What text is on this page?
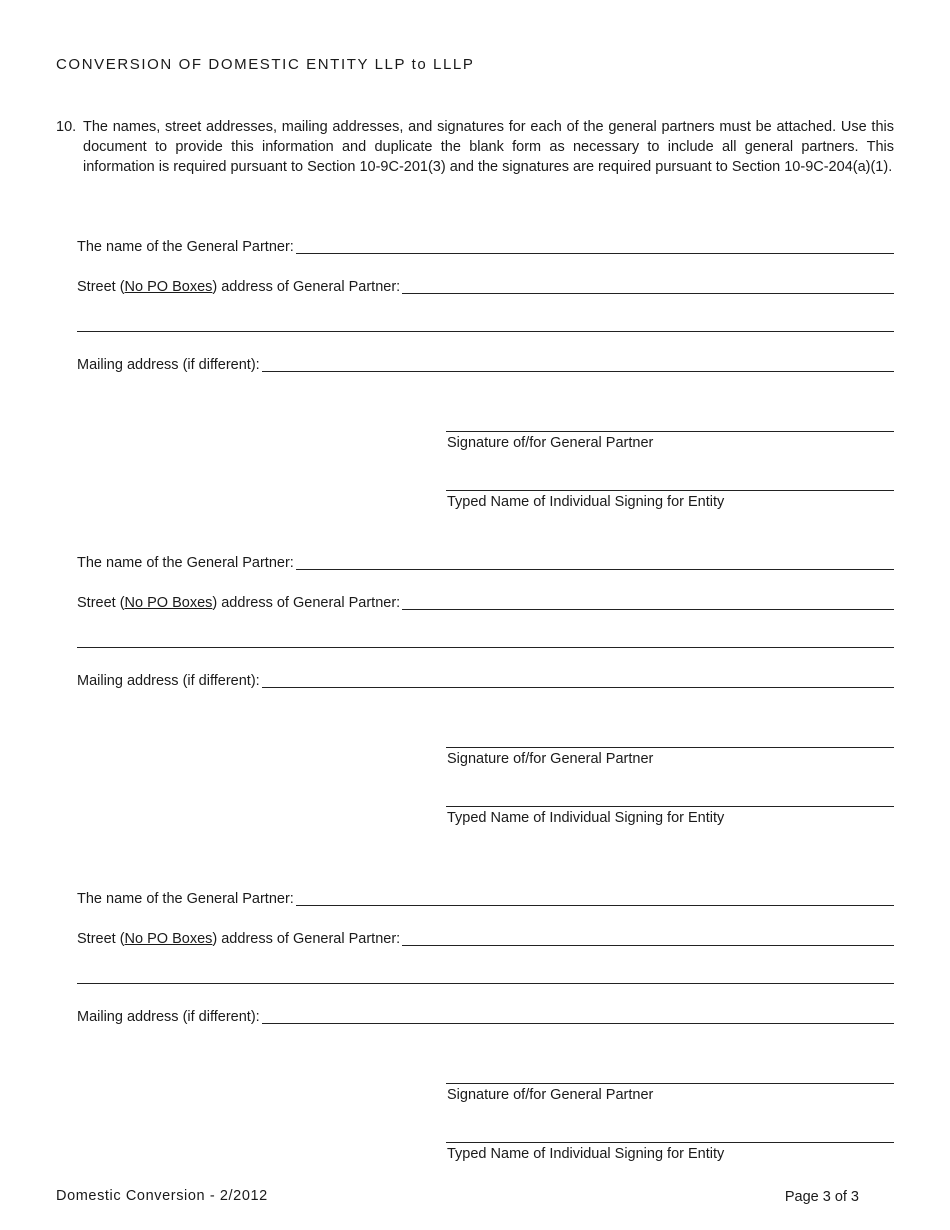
CONVERSION OF DOMESTIC ENTITY LLP to LLLP
10. The names, street addresses, mailing addresses, and signatures for each of the general partners must be attached. Use this document to provide this information and duplicate the blank form as necessary to include all general partners. This information is required pursuant to Section 10-9C-201(3) and the signatures are required pursuant to Section 10-9C-204(a)(1).
The name of the General Partner:
Street (No PO Boxes) address of General Partner:
Mailing address (if different):
Signature of/for General Partner
Typed Name of Individual Signing for Entity
The name of the General Partner:
Street (No PO Boxes) address of General Partner:
Mailing address (if different):
Signature of/for General Partner
Typed Name of Individual Signing for Entity
The name of the General Partner:
Street (No PO Boxes) address of General Partner:
Mailing address (if different):
Signature of/for General Partner
Typed Name of Individual Signing for Entity
Domestic Conversion - 2/2012	Page 3 of 3
